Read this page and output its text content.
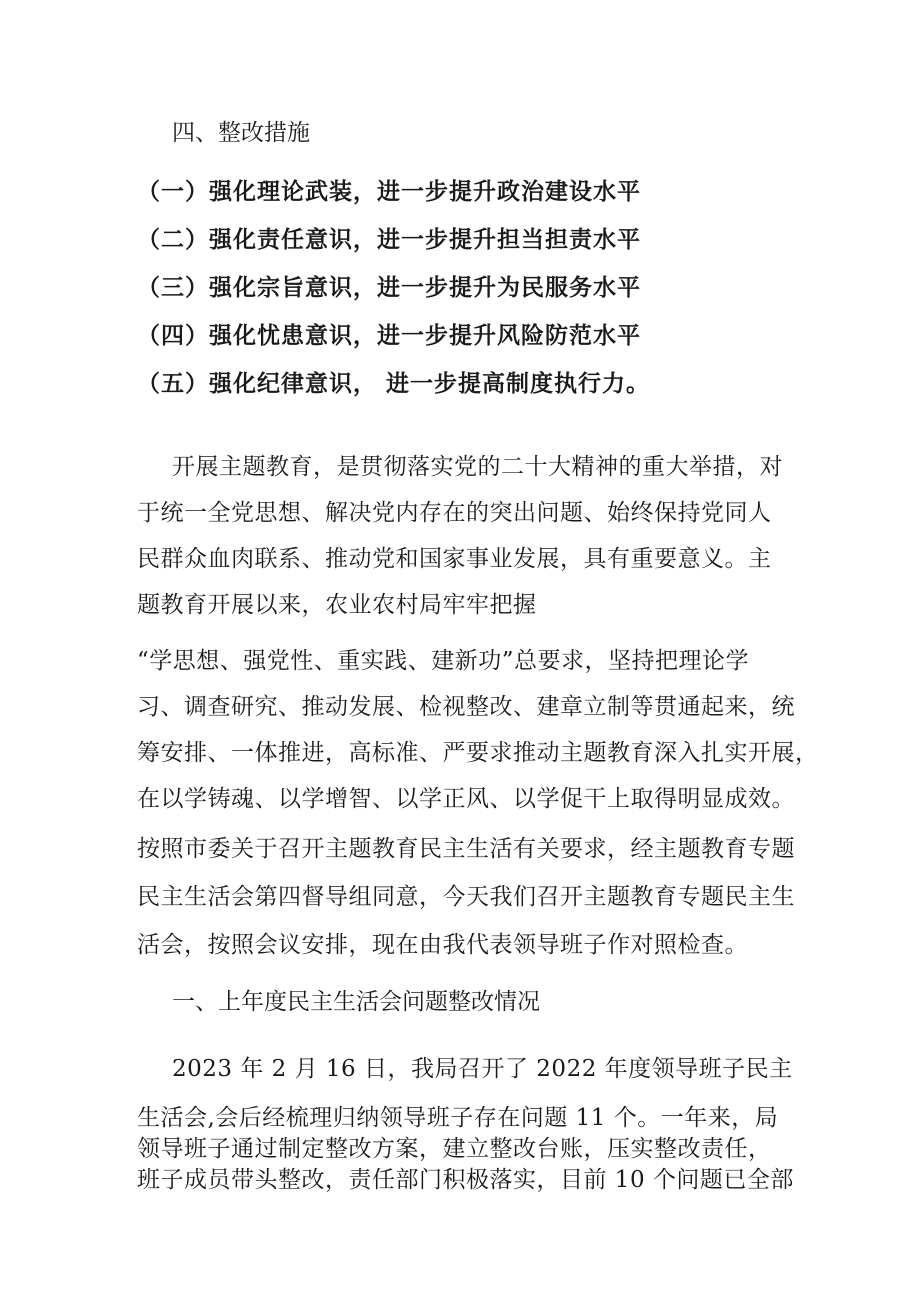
四、整改措施
（一）强化理论武装，进一步提升政治建设水平
（二）强化责任意识，进一步提升担当担责水平
（三）强化宗旨意识，进一步提升为民服务水平
（四）强化忧患意识，进一步提升风险防范水平
（五）强化纪律意识， 进一步提高制度执行力。
开展主题教育，是贯彻落实党的二十大精神的重大举措，对
于统一全党思想、解决党内存在的突出问题、始终保持党同人
民群众血肉联系、推动党和国家事业发展，具有重要意义。主
题教育开展以来，农业农村局牢牢把握
“学思想、强党性、重实践、建新功”总要求，坚持把理论学
习、调查研究、推动发展、检视整改、建章立制等贯通起来，统
筹安排、一体推进，高标准、严要求推动主题教育深入扎实开展，
在以学铸魂、以学增智、以学正风、以学促干上取得明显成效。
按照市委关于召开主题教育民主生活有关要求，经主题教育专题
民主生活会第四督导组同意，今天我们召开主题教育专题民主生
活会，按照会议安排，现在由我代表领导班子作对照检查。
一、上年度民主生活会问题整改情况
2023 年 2 月 16 日，我局召开了 2022 年度领导班子民主
生活会,会后经梳理归纳领导班子存在问题 11 个。一年来，局
领导班子通过制定整改方案，建立整改台账，压实整改责任，
班子成员带头整改，责任部门积极落实，目前 10 个问题已全部
